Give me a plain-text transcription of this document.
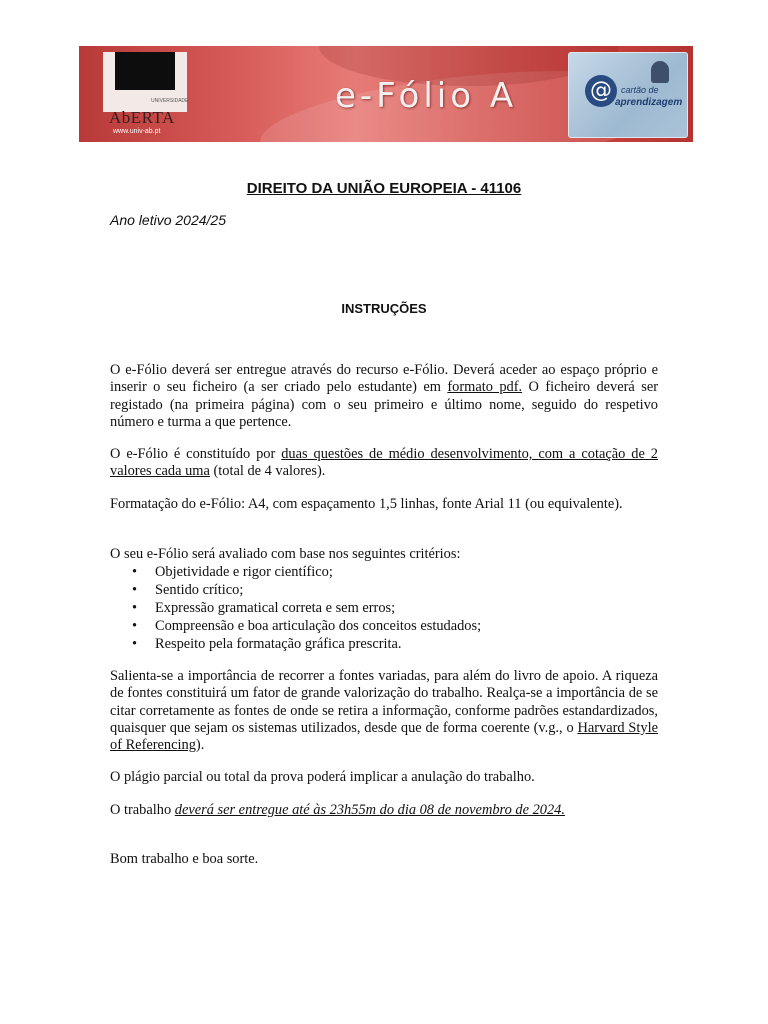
UNIVERSIDADE
AbERTA
www.univ-ab.pt
e-Fólio A	@	cartão de
aprendizagem
DIREITO DA UNIÃO EUROPEIA - 41106
Ano letivo 2024/25
INSTRUÇÕES

O e-Fólio deverá ser entregue através do recurso e-Fólio. Deverá aceder ao espaço próprio e inserir o seu ficheiro (a ser criado pelo estudante) em formato pdf. O ficheiro deverá ser registado (na primeira página) com o seu primeiro e último nome, seguido do respetivo número e turma a que pertence.

O e-Fólio é constituído por duas questões de médio desenvolvimento, com a cotação de 2 valores cada uma (total de 4 valores).

Formatação do e-Fólio: A4, com espaçamento 1,5 linhas, fonte Arial 11 (ou equivalente).

O seu e-Fólio será avaliado com base nos seguintes critérios:

• Objetividade e rigor científico;
• Sentido crítico;
• Expressão gramatical correta e sem erros;
• Compreensão e boa articulação dos conceitos estudados;
• Respeito pela formatação gráfica prescrita.

Salienta-se a importância de recorrer a fontes variadas, para além do livro de apoio. A riqueza de fontes constituirá um fator de grande valorização do trabalho. Realça-se a importância de se citar corretamente as fontes de onde se retira a informação, conforme padrões estandardizados, quaisquer que sejam os sistemas utilizados, desde que de forma coerente (v.g., o Harvard Style of Referencing).

O plágio parcial ou total da prova poderá implicar a anulação do trabalho.

O trabalho deverá ser entregue até às 23h55m do dia 08 de novembro de 2024.

Bom trabalho e boa sorte.
